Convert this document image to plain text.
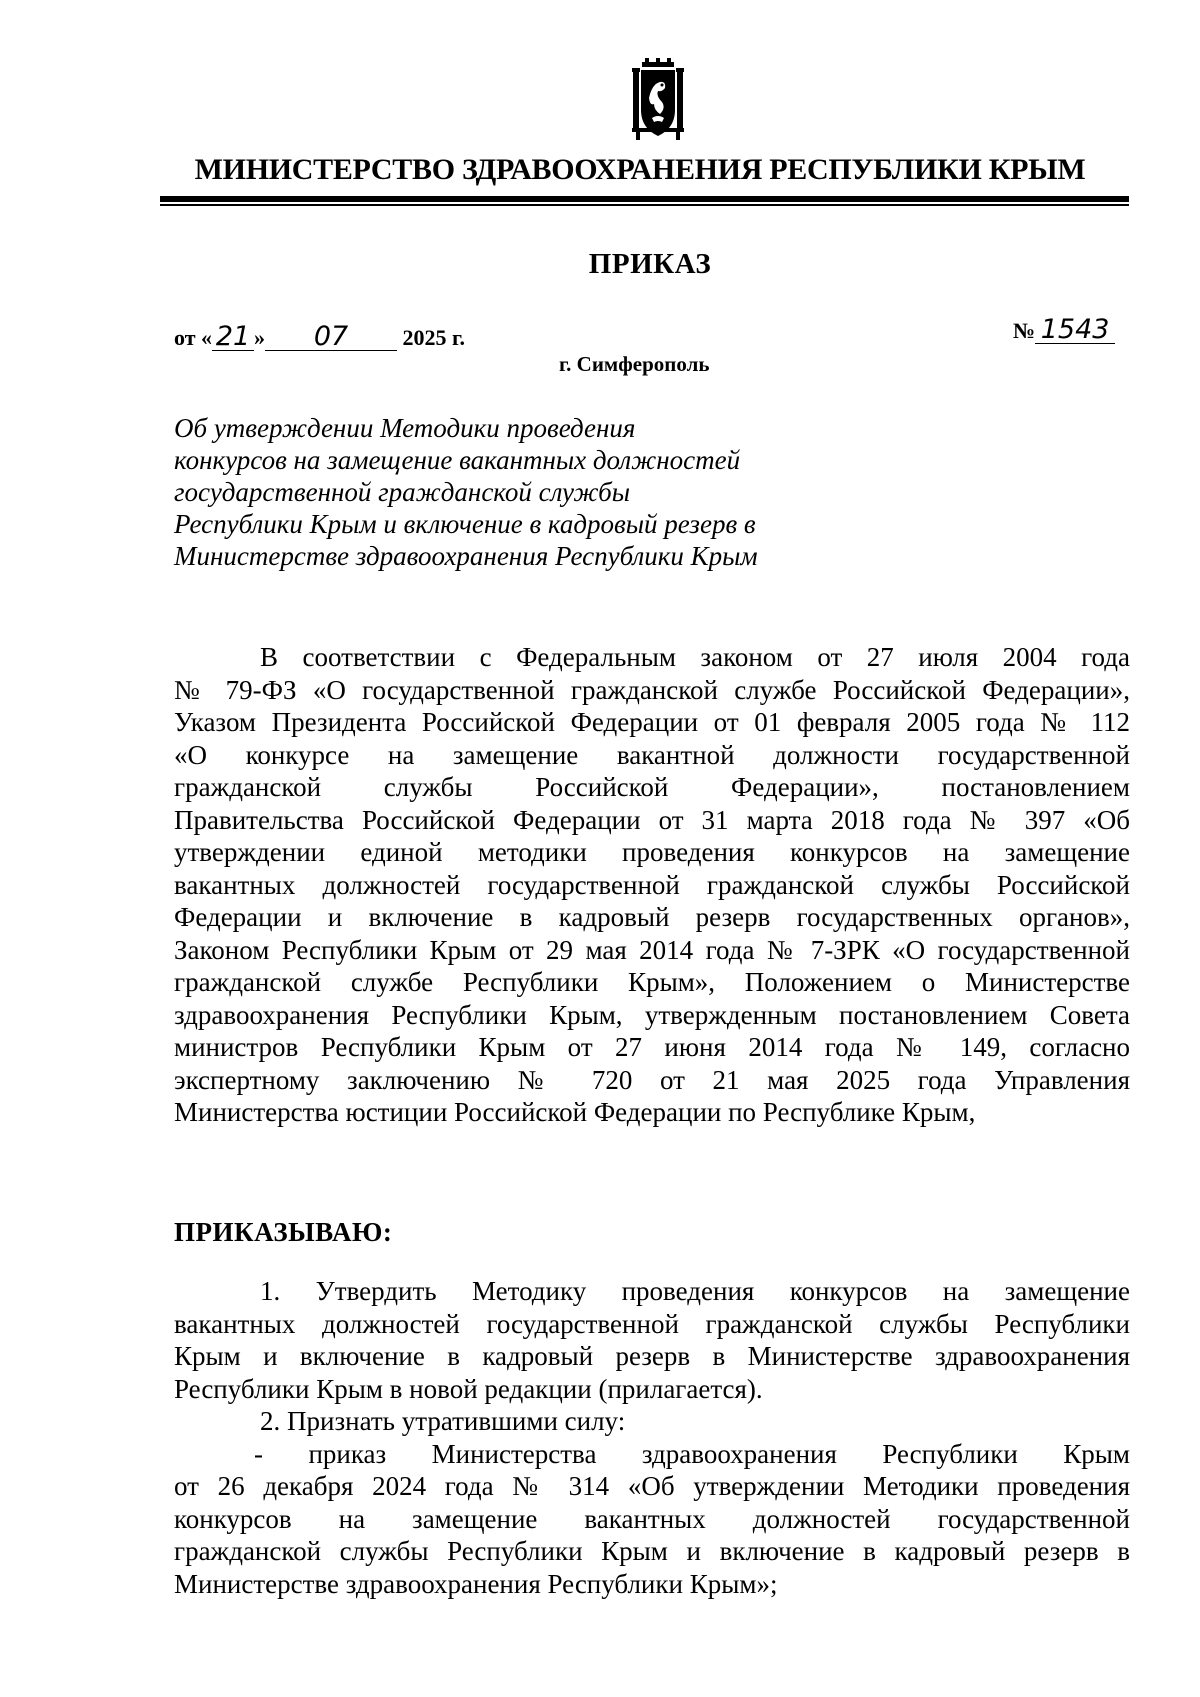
МИНИСТЕРСТВО ЗДРАВООХРАНЕНИЯ РЕСПУБЛИКИ КРЫМ
ПРИКАЗ
от « 21 » 07 2025 г.	№ 1543
г. Симферополь
Об утверждении Методики проведения
конкурсов на замещение вакантных должностей
государственной гражданской службы
Республики Крым и включение в кадровый резерв в
Министерстве здравоохранения Республики Крым
В соответствии с Федеральным законом от 27 июля 2004 года
№ 79-ФЗ «О государственной гражданской службе Российской Федерации»,
Указом Президента Российской Федерации от 01 февраля 2005 года № 112
«О конкурсе на замещение вакантной должности государственной
гражданской службы Российской Федерации», постановлением
Правительства Российской Федерации от 31 марта 2018 года № 397 «Об
утверждении единой методики проведения конкурсов на замещение
вакантных должностей государственной гражданской службы Российской
Федерации и включение в кадровый резерв государственных органов»,
Законом Республики Крым от 29 мая 2014 года № 7-ЗРК «О государственной
гражданской службе Республики Крым», Положением о Министерстве
здравоохранения Республики Крым, утвержденным постановлением Совета
министров Республики Крым от 27 июня 2014 года № 149, согласно
экспертному заключению № 720 от 21 мая 2025 года Управления
Министерства юстиции Российской Федерации по Республике Крым,
ПРИКАЗЫВАЮ:
1. Утвердить Методику проведения конкурсов на замещение
вакантных должностей государственной гражданской службы Республики
Крым и включение в кадровый резерв в Министерстве здравоохранения
Республики Крым в новой редакции (прилагается).
2. Признать утратившими силу:
- приказ Министерства здравоохранения Республики Крым
от 26 декабря 2024 года № 314 «Об утверждении Методики проведения
конкурсов на замещение вакантных должностей государственной
гражданской службы Республики Крым и включение в кадровый резерв в
Министерстве здравоохранения Республики Крым»;
